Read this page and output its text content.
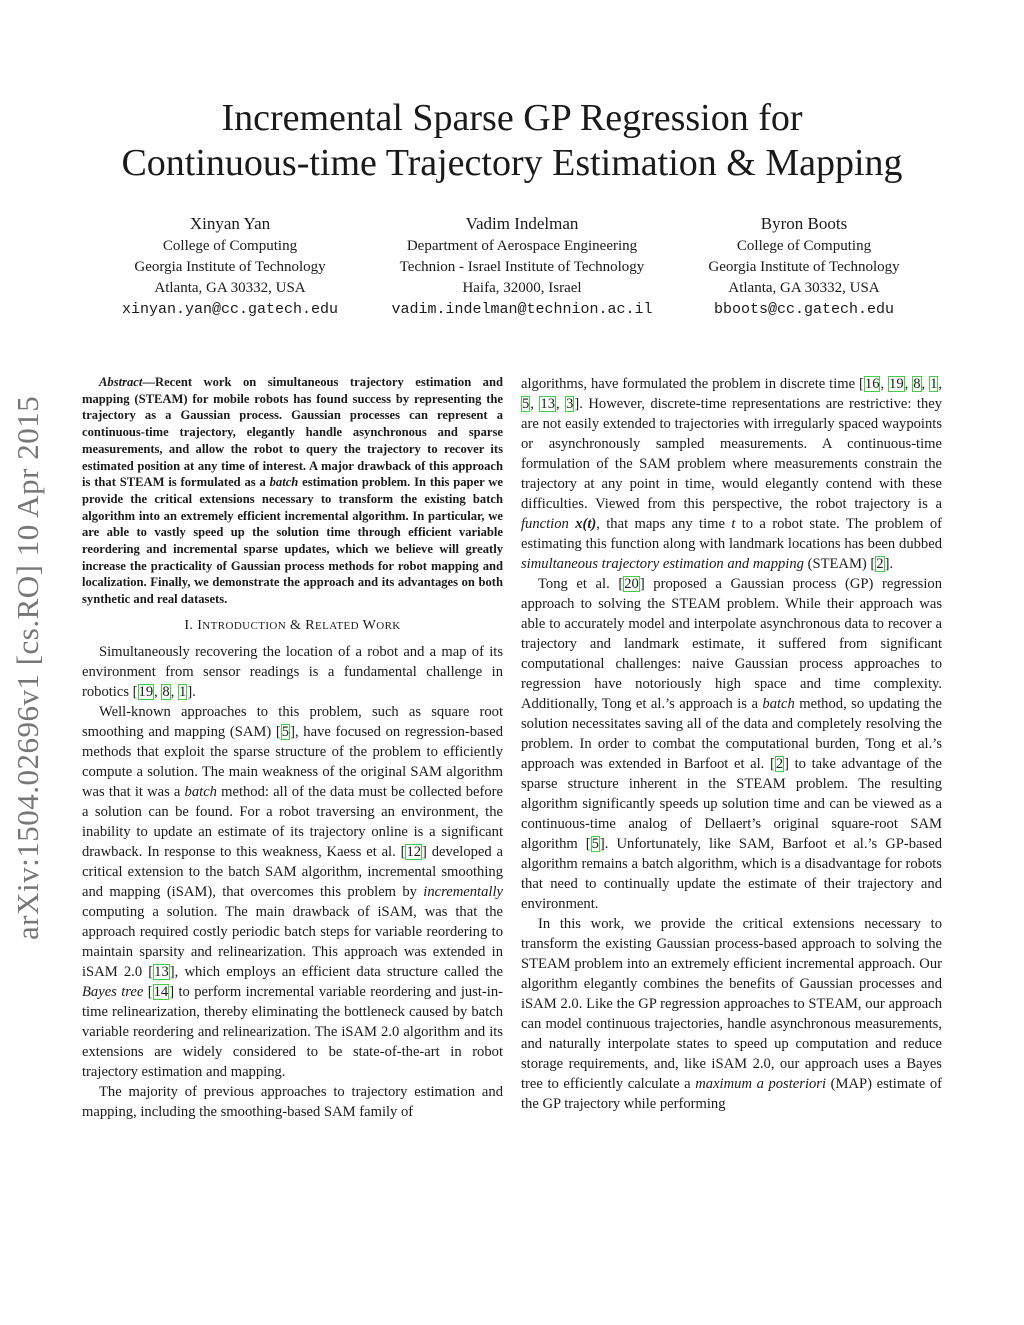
Incremental Sparse GP Regression for
Continuous-time Trajectory Estimation & Mapping
Xinyan Yan
College of Computing
Georgia Institute of Technology
Atlanta, GA 30332, USA
xinyan.yan@cc.gatech.edu
Vadim Indelman
Department of Aerospace Engineering
Technion - Israel Institute of Technology
Haifa, 32000, Israel
vadim.indelman@technion.ac.il
Byron Boots
College of Computing
Georgia Institute of Technology
Atlanta, GA 30332, USA
bboots@cc.gatech.edu
arXiv:1504.02696v1 [cs.RO] 10 Apr 2015

Abstract—Recent work on simultaneous trajectory estimation and mapping (STEAM) for mobile robots has found success by representing the trajectory as a Gaussian process. Gaussian processes can represent a continuous-time trajectory, elegantly handle asynchronous and sparse measurements, and allow the robot to query the trajectory to recover its estimated position at any time of interest. A major drawback of this approach is that STEAM is formulated as a batch estimation problem. In this paper we provide the critical extensions necessary to transform the existing batch algorithm into an extremely efficient incremental algorithm. In particular, we are able to vastly speed up the solution time through efficient variable reordering and incremental sparse updates, which we believe will greatly increase the practicality of Gaussian process methods for robot mapping and localization. Finally, we demonstrate the approach and its advantages on both synthetic and real datasets.

I. INTRODUCTION & RELATED WORK

Simultaneously recovering the location of a robot and a map of its environment from sensor readings is a fundamental challenge in robotics [19, 8, 1].

Well-known approaches to this problem, such as square root smoothing and mapping (SAM) [5], have focused on regression-based methods that exploit the sparse structure of the problem to efficiently compute a solution. The main weakness of the original SAM algorithm was that it was a batch method: all of the data must be collected before a solution can be found. For a robot traversing an environment, the inability to update an estimate of its trajectory online is a significant drawback. In response to this weakness, Kaess et al. [12] developed a critical extension to the batch SAM algorithm, incremental smoothing and mapping (iSAM), that overcomes this problem by incrementally computing a solution. The main drawback of iSAM, was that the approach required costly periodic batch steps for variable reordering to maintain sparsity and relinearization. This approach was extended in iSAM 2.0 [13], which employs an efficient data structure called the Bayes tree [14] to perform incremental variable reordering and just-in-time relinearization, thereby eliminating the bottleneck caused by batch variable reordering and relinearization. The iSAM 2.0 algorithm and its extensions are widely considered to be state-of-the-art in robot trajectory estimation and mapping.

The majority of previous approaches to trajectory estimation and mapping, including the smoothing-based SAM family of

algorithms, have formulated the problem in discrete time [16, 19, 8, 1, 5, 13, 3]. However, discrete-time representations are restrictive: they are not easily extended to trajectories with irregularly spaced waypoints or asynchronously sampled measurements. A continuous-time formulation of the SAM problem where measurements constrain the trajectory at any point in time, would elegantly contend with these difficulties. Viewed from this perspective, the robot trajectory is a function x(t), that maps any time t to a robot state. The problem of estimating this function along with landmark locations has been dubbed simultaneous trajectory estimation and mapping (STEAM) [2].

Tong et al. [20] proposed a Gaussian process (GP) regression approach to solving the STEAM problem. While their approach was able to accurately model and interpolate asynchronous data to recover a trajectory and landmark estimate, it suffered from significant computational challenges: naive Gaussian process approaches to regression have notoriously high space and time complexity. Additionally, Tong et al.’s approach is a batch method, so updating the solution necessitates saving all of the data and completely resolving the problem. In order to combat the computational burden, Tong et al.’s approach was extended in Barfoot et al. [2] to take advantage of the sparse structure inherent in the STEAM problem. The resulting algorithm significantly speeds up solution time and can be viewed as a continuous-time analog of Dellaert’s original square-root SAM algorithm [5]. Unfortunately, like SAM, Barfoot et al.’s GP-based algorithm remains a batch algorithm, which is a disadvantage for robots that need to continually update the estimate of their trajectory and environment.

In this work, we provide the critical extensions necessary to transform the existing Gaussian process-based approach to solving the STEAM problem into an extremely efficient incremental approach. Our algorithm elegantly combines the benefits of Gaussian processes and iSAM 2.0. Like the GP regression approaches to STEAM, our approach can model continuous trajectories, handle asynchronous measurements, and naturally interpolate states to speed up computation and reduce storage requirements, and, like iSAM 2.0, our approach uses a Bayes tree to efficiently calculate a maximum a posteriori (MAP) estimate of the GP trajectory while performing
